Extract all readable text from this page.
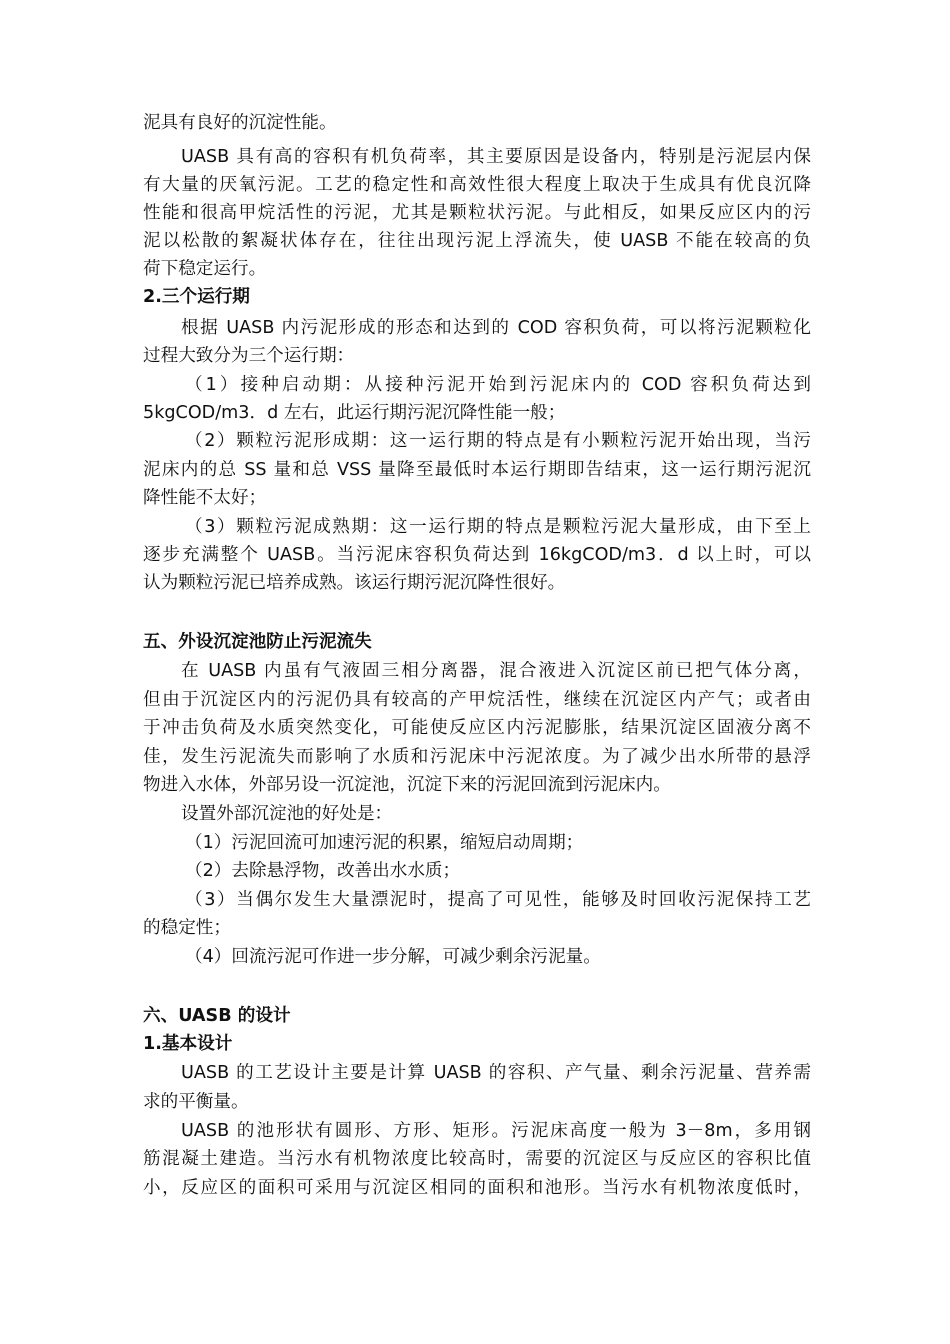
泥具有良好的沉淀性能。
UASB 具有高的容积有机负荷率，其主要原因是设备内，特别是污泥层内保
有大量的厌氧污泥。工艺的稳定性和高效性很大程度上取决于生成具有优良沉降
性能和很高甲烷活性的污泥，尤其是颗粒状污泥。与此相反，如果反应区内的污
泥以松散的絮凝状体存在，往往出现污泥上浮流失，使 UASB 不能在较高的负
荷下稳定运行。
2.三个运行期
根据 UASB 内污泥形成的形态和达到的 COD 容积负荷，可以将污泥颗粒化
过程大致分为三个运行期：
（1）接种启动期：从接种污泥开始到污泥床内的 COD 容积负荷达到
5kgCOD/m3．d 左右，此运行期污泥沉降性能一般；
（2）颗粒污泥形成期：这一运行期的特点是有小颗粒污泥开始出现，当污
泥床内的总 SS 量和总 VSS 量降至最低时本运行期即告结束，这一运行期污泥沉
降性能不太好；
（3）颗粒污泥成熟期：这一运行期的特点是颗粒污泥大量形成，由下至上
逐步充满整个 UASB。当污泥床容积负荷达到 16kgCOD/m3．d 以上时，可以
认为颗粒污泥已培养成熟。该运行期污泥沉降性很好。
五、外设沉淀池防止污泥流失
在 UASB 内虽有气液固三相分离器，混合液进入沉淀区前已把气体分离，
但由于沉淀区内的污泥仍具有较高的产甲烷活性，继续在沉淀区内产气；或者由
于冲击负荷及水质突然变化，可能使反应区内污泥膨胀，结果沉淀区固液分离不
佳，发生污泥流失而影响了水质和污泥床中污泥浓度。为了减少出水所带的悬浮
物进入水体，外部另设一沉淀池，沉淀下来的污泥回流到污泥床内。
设置外部沉淀池的好处是：
（1）污泥回流可加速污泥的积累，缩短启动周期；
（2）去除悬浮物，改善出水水质；
（3）当偶尔发生大量漂泥时，提高了可见性，能够及时回收污泥保持工艺
的稳定性；
（4）回流污泥可作进一步分解，可减少剩余污泥量。
六、UASB 的设计
1.基本设计
UASB 的工艺设计主要是计算 UASB 的容积、产气量、剩余污泥量、营养需
求的平衡量。
UASB 的池形状有圆形、方形、矩形。污泥床高度一般为 3－8m，多用钢
筋混凝土建造。当污水有机物浓度比较高时，需要的沉淀区与反应区的容积比值
小，反应区的面积可采用与沉淀区相同的面积和池形。当污水有机物浓度低时，
